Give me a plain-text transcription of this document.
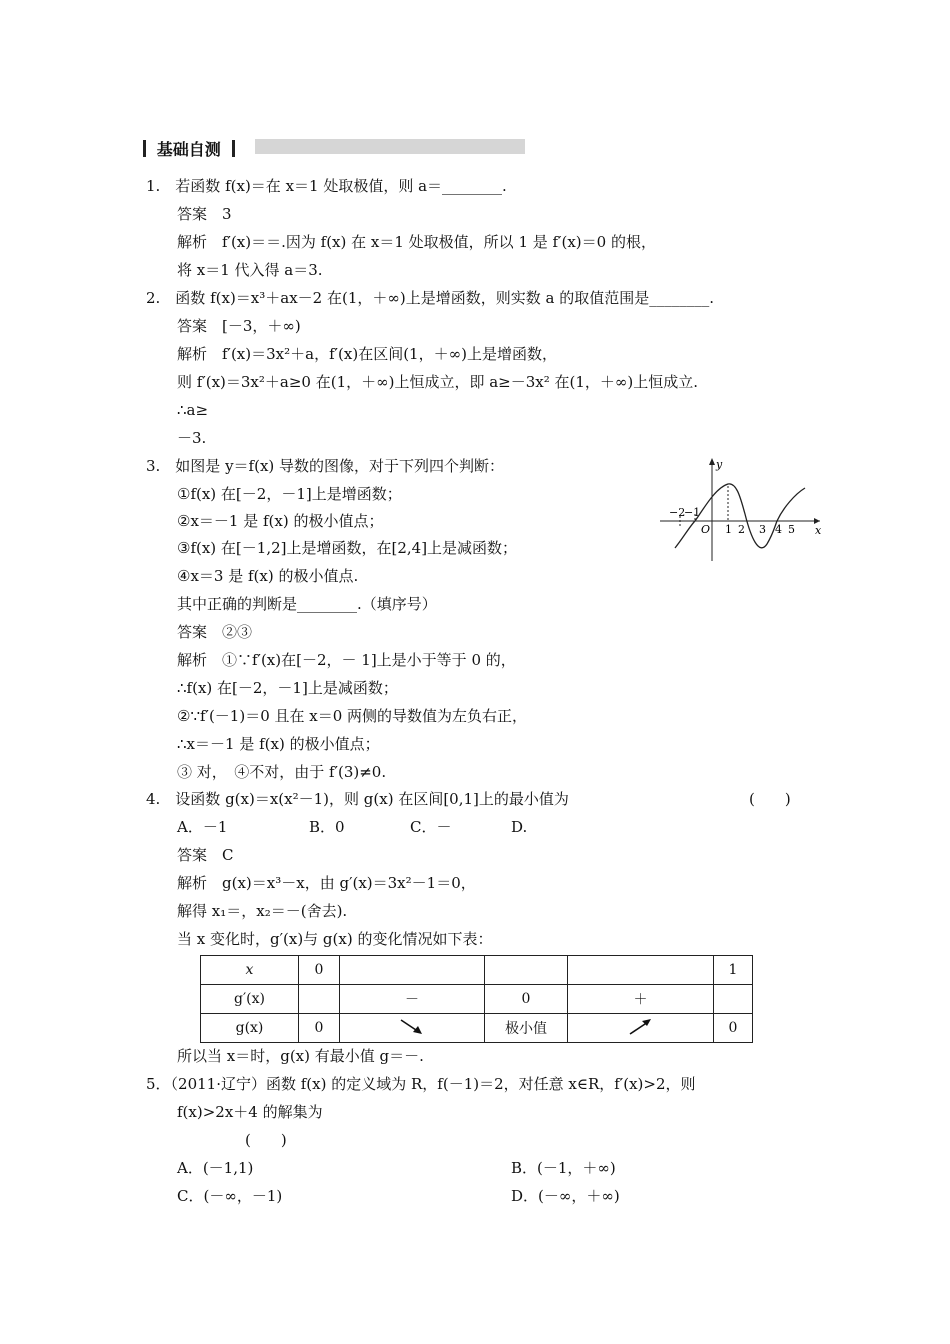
基础自测
1.　若函数 f(x)＝在 x＝1 处取极值，则 a＝________.
答案　3
解析　f′(x)＝＝.因为 f(x) 在 x＝1 处取极值，所以 1 是 f′(x)＝0 的根，
将 x＝1 代入得 a＝3.
2.　函数 f(x)＝x³＋ax－2 在(1，＋∞)上是增函数，则实数 a 的取值范围是________.
答案　[－3，＋∞)
解析　f′(x)＝3x²＋a，f′(x)在区间(1，＋∞)上是增函数，
则 f′(x)＝3x²＋a≥0 在(1，＋∞)上恒成立，即 a≥－3x² 在(1，＋∞)上恒成立.
∴a≥
－3.
3.　如图是 y＝f(x) 导数的图像，对于下列四个判断：
①f(x) 在[－2，－1]上是增函数；
②x＝－1 是 f(x) 的极小值点；
③f(x) 在[－1,2]上是增函数，在[2,4]上是减函数；
④x＝3 是 f(x) 的极小值点.
其中正确的判断是________.（填序号）
答案　②③
解析　①∵f′(x)在[－2，－ 1]上是小于等于 0 的，
∴f(x) 在[－2，－1]上是减函数；
②∵f′(－1)＝0 且在 x＝0 两侧的导数值为左负右正，
∴x＝－1 是 f(x) 的极小值点；
③ 对，　④不对，由于 f′(3)≠0.
y
x
O
−2
−1
1 2 3 4 5
4.　设函数 g(x)＝x(x²－1)，则 g(x) 在区间[0,1]上的最小值为	(　　)
A．－1	B．0	C．－	D.
答案　C
解析　g(x)＝x³－x，由 g′(x)＝3x²－1＝0，
解得 x₁＝，x₂＝－(舍去).
当 x 变化时，g′(x)与 g(x) 的变化情况如下表：
x	0				1
g′(x)		－	0	＋	
g(x)	0		极小值		0
所以当 x＝时，g(x) 有最小值 g＝－.
5．（2011·辽宁）函数 f(x) 的定义域为 R，f(－1)＝2，对任意 x∈R，f′(x)>2，则
f(x)>2x＋4 的解集为
(　　)
A．(－1,1)	B．(－1，＋∞)
C．(－∞，－1)	D．(－∞，＋∞)
